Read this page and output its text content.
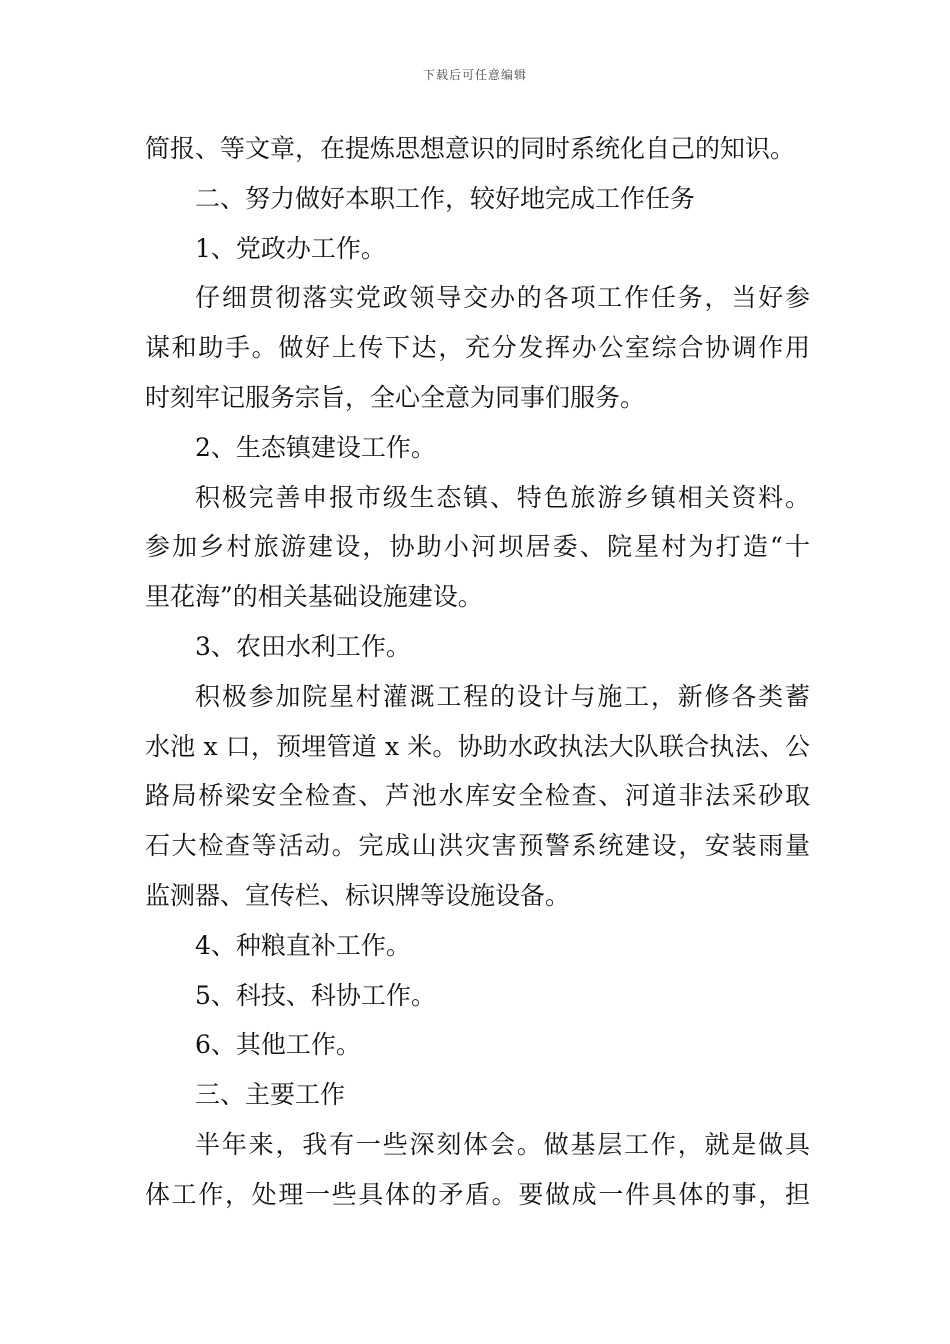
下载后可任意编辑
简报、等文章，在提炼思想意识的同时系统化自己的知识。
二、努力做好本职工作，较好地完成工作任务
1、党政办工作。
仔细贯彻落实党政领导交办的各项工作任务，当好参
谋和助手。做好上传下达，充分发挥办公室综合协调作用
时刻牢记服务宗旨，全心全意为同事们服务。
2、生态镇建设工作。
积极完善申报市级生态镇、特色旅游乡镇相关资料。
参加乡村旅游建设，协助小河坝居委、院星村为打造“十
里花海”的相关基础设施建设。
3、农田水利工作。
积极参加院星村灌溉工程的设计与施工，新修各类蓄
水池 x 口，预埋管道 x 米。协助水政执法大队联合执法、公
路局桥梁安全检查、芦池水库安全检查、河道非法采砂取
石大检查等活动。完成山洪灾害预警系统建设，安装雨量
监测器、宣传栏、标识牌等设施设备。
4、种粮直补工作。
5、科技、科协工作。
6、其他工作。
三、主要工作
半年来，我有一些深刻体会。做基层工作，就是做具
体工作，处理一些具体的矛盾。要做成一件具体的事，担
